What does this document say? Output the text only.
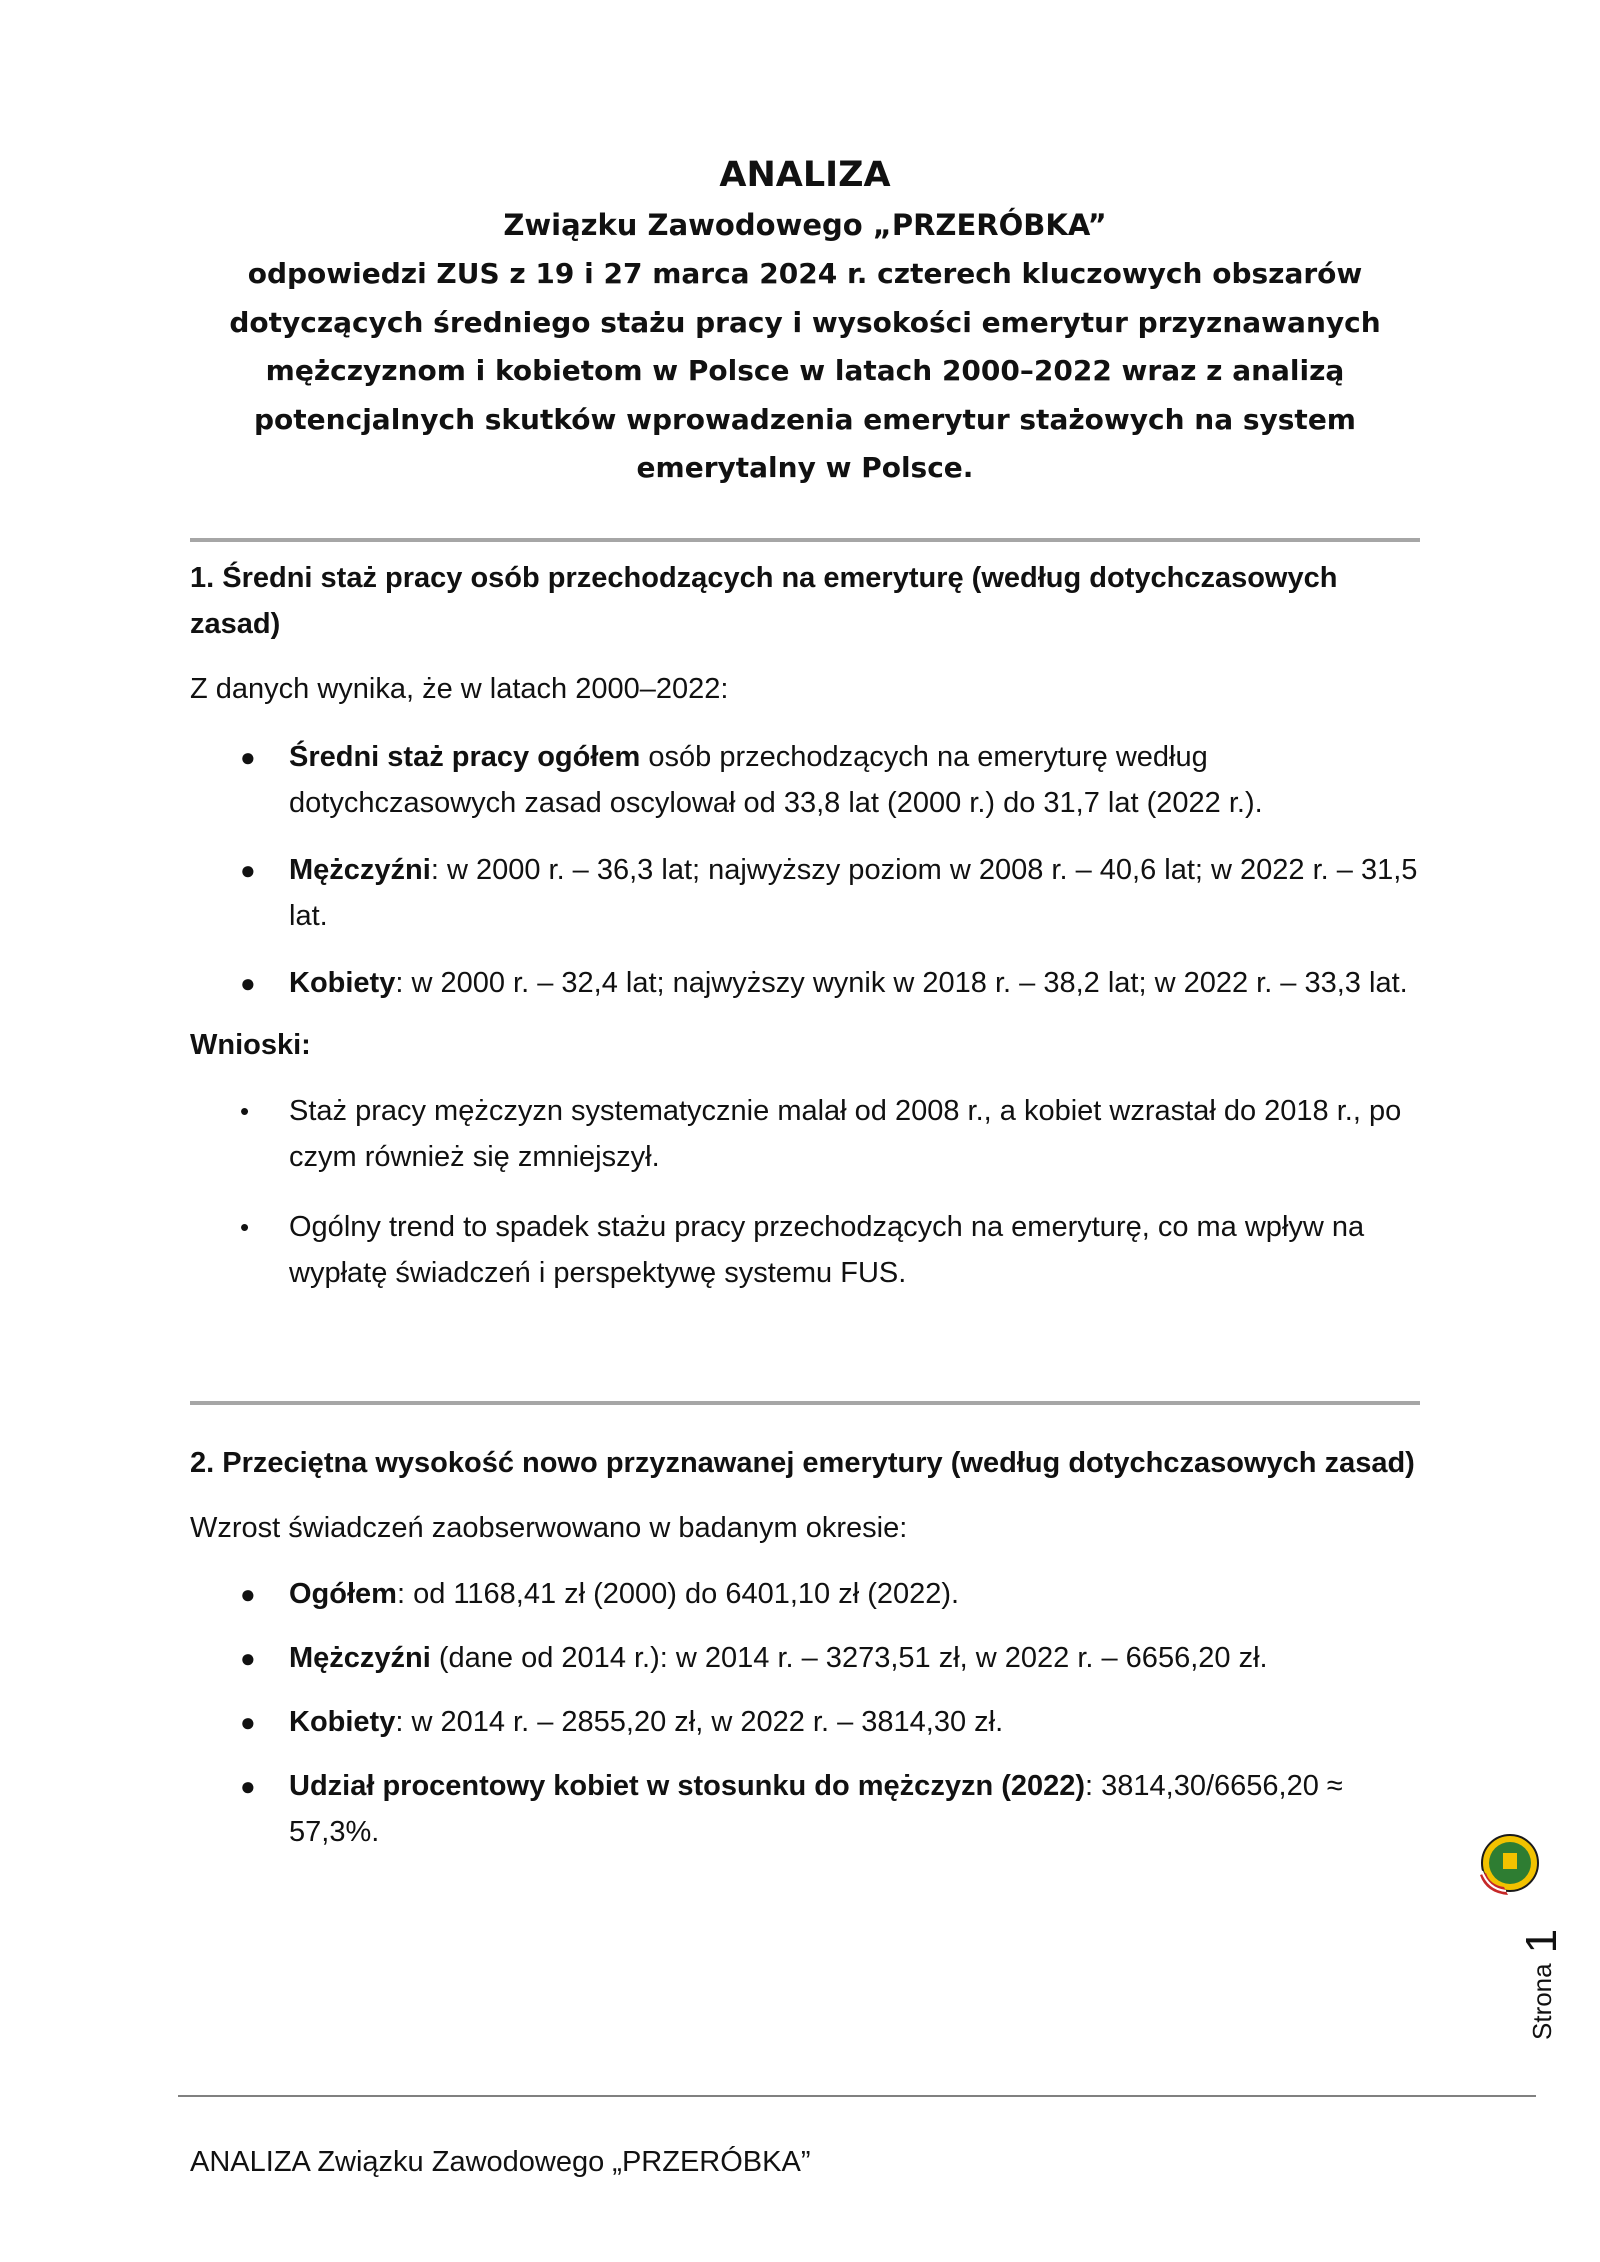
ANALIZA

Związku Zawodowego „PRZERÓBKA”

odpowiedzi ZUS z 19 i 27 marca 2024 r. czterech kluczowych obszarów

dotyczących średniego stażu pracy i wysokości emerytur przyznawanych

mężczyznom i kobietom w Polsce w latach 2000–2022 wraz z analizą

potencjalnych skutków wprowadzenia emerytur stażowych na system

emerytalny w Polsce.

1. Średni staż pracy osób przechodzących na emeryturę (według dotychczasowych zasad)

Z danych wynika, że w latach 2000–2022:

● Średni staż pracy ogółem osób przechodzących na emeryturę według dotychczasowych zasad oscylował od 33,8 lat (2000 r.) do 31,7 lat (2022 r.).
● Mężczyźni: w 2000 r. – 36,3 lat; najwyższy poziom w 2008 r. – 40,6 lat; w 2022 r. – 31,5 lat.
● Kobiety: w 2000 r. – 32,4 lat; najwyższy wynik w 2018 r. – 38,2 lat; w 2022 r. – 33,3 lat.

Wnioski:

• Staż pracy mężczyzn systematycznie malał od 2008 r., a kobiet wzrastał do 2018 r., po czym również się zmniejszył.
• Ogólny trend to spadek stażu pracy przechodzących na emeryturę, co ma wpływ na wypłatę świadczeń i perspektywę systemu FUS.
2. Przeciętna wysokość nowo przyznawanej emerytury (według dotychczasowych zasad)

Wzrost świadczeń zaobserwowano w badanym okresie:

● Ogółem: od 1168,41 zł (2000) do 6401,10 zł (2022).
● Mężczyźni (dane od 2014 r.): w 2014 r. – 3273,51 zł, w 2022 r. – 6656,20 zł.
● Kobiety: w 2014 r. – 2855,20 zł, w 2022 r. – 3814,30 zł.
● Udział procentowy kobiet w stosunku do mężczyzn (2022): 3814,30/6656,20 ≈ 57,3%.
Strona
1
ANALIZA Związku Zawodowego „PRZERÓBKA”
